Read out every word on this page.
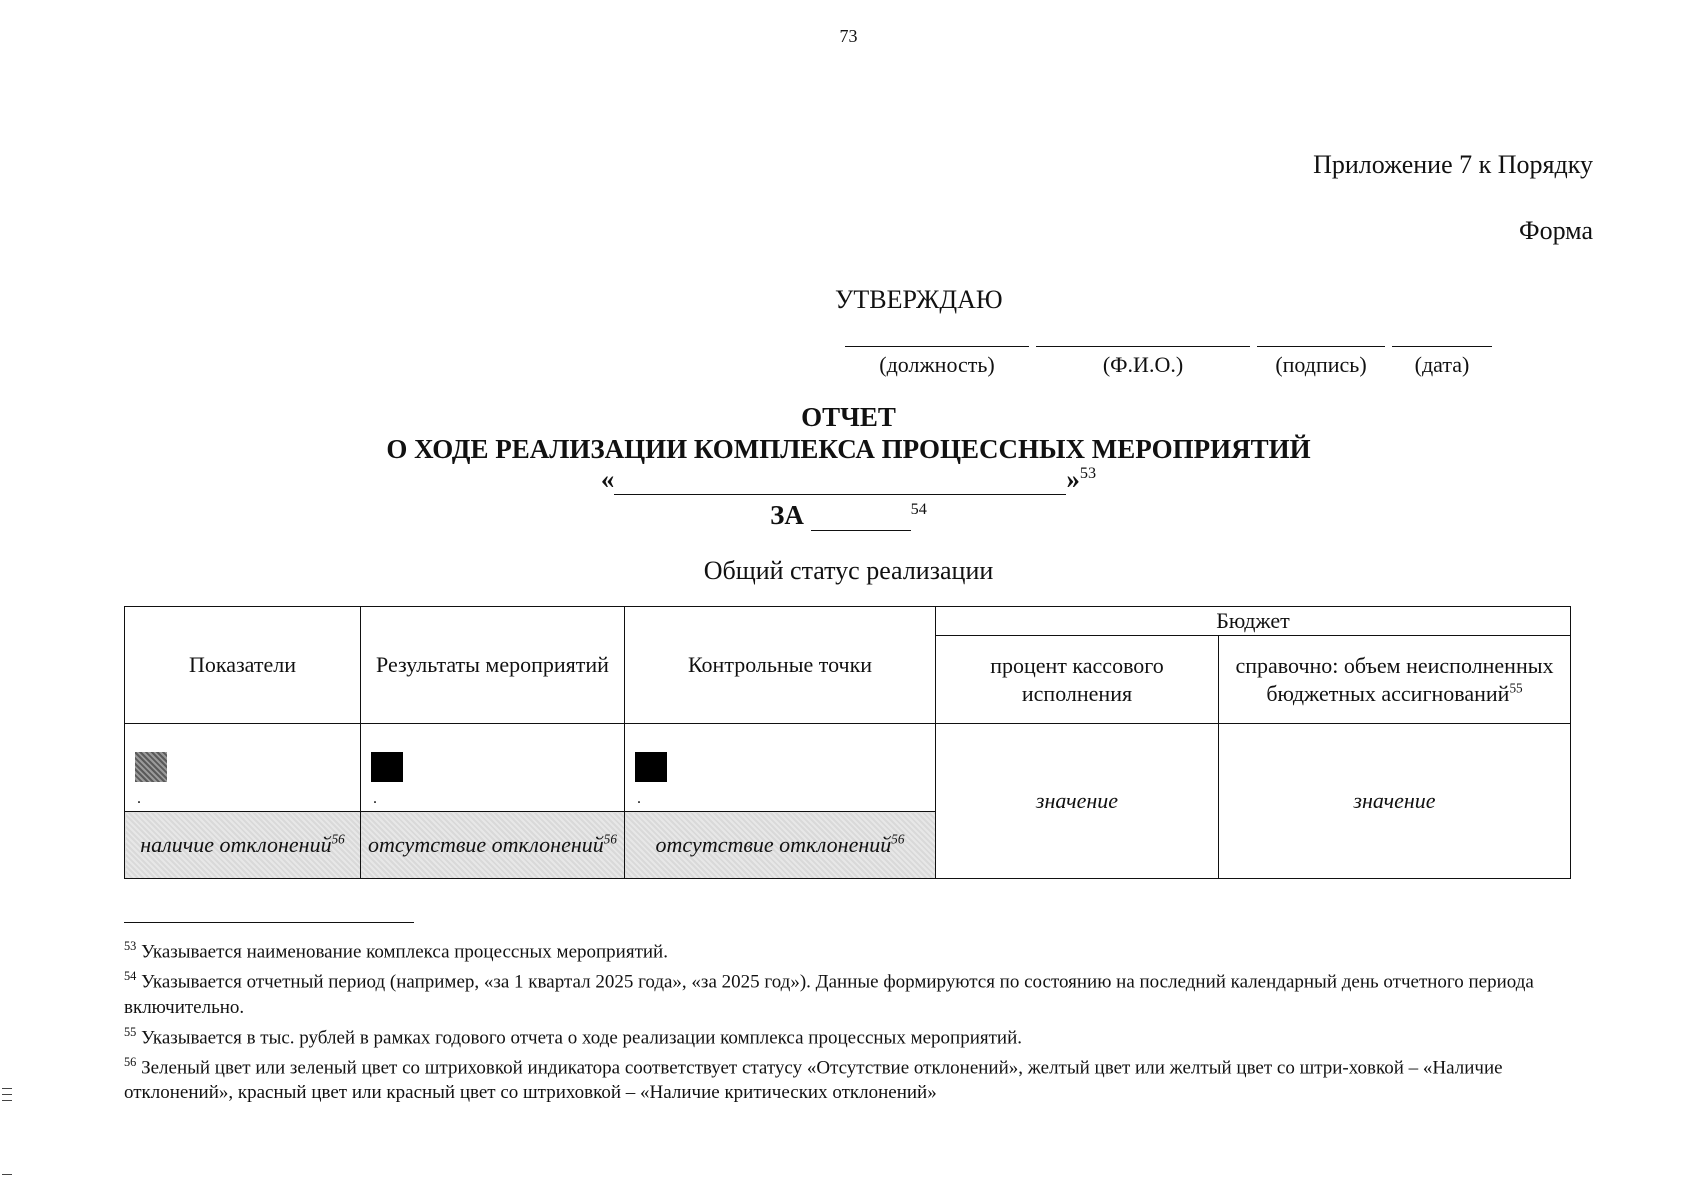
73
Приложение 7 к Порядку
Форма
УТВЕРЖДАЮ
(должность)	(Ф.И.О.)	(подпись)	(дата)
ОТЧЕТ
О ХОДЕ РЕАЛИЗАЦИИ КОМПЛЕКСА ПРОЦЕССНЫХ МЕРОПРИЯТИЙ
«	»$^{53}$
ЗА	$^{54}$
Общий статус реализации
Показатели	Результаты мероприятий	Контрольные точки	Бюджет	
			процент кассового исполнения	справочно: объем неисполненных бюджетных ассигнований$^{55}$

.	.	.	значение	значение
наличие отклонений$^{56}$	отсутствие отклонений$^{56}$	отсутствие отклонений$^{56}$

$^{53}$ Указывается наименование комплекса процессных мероприятий.

$^{54}$ Указывается отчетный период (например, «за 1 квартал 2025 года», «за 2025 год»). Данные формируются по состоянию на последний календарный день отчетного периода включительно.

$^{55}$ Указывается в тыс. рублей в рамках годового отчета о ходе реализации комплекса процессных мероприятий.

$^{56}$ Зеленый цвет или зеленый цвет со штриховкой индикатора соответствует статусу «Отсутствие отклонений», желтый цвет или желтый цвет со штри-ховкой – «Наличие отклонений», красный цвет или красный цвет со штриховкой – «Наличие критических отклонений»
